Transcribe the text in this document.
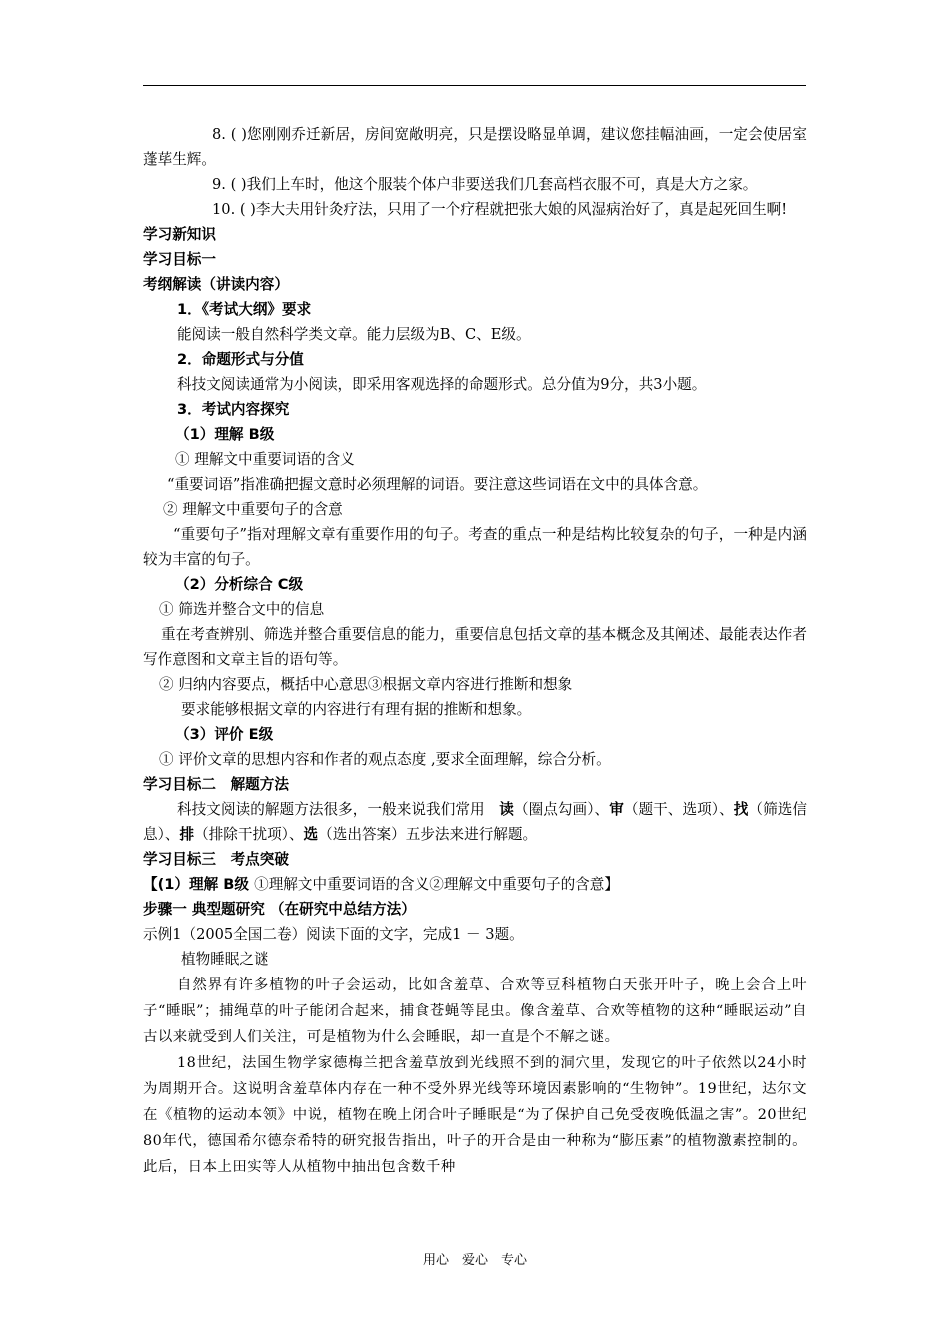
8. ( )您刚刚乔迁新居，房间宽敞明亮，只是摆设略显单调，建议您挂幅油画，一定会使居室蓬荜生辉。

9. ( )我们上车时，他这个服装个体户非要送我们几套高档衣服不可，真是大方之家。

10. ( )李大夫用针灸疗法，只用了一个疗程就把张大娘的风湿病治好了，真是起死回生啊!

学习新知识

学习目标一

考纲解读（讲读内容）

1．《考试大纲》要求

能阅读一般自然科学类文章。能力层级为B、C、E级。

2．命题形式与分值

科技文阅读通常为小阅读，即采用客观选择的命题形式。总分值为9分，共3小题。

3．考试内容探究

（1）理解 B级

① 理解文中重要词语的含义

“重要词语”指准确把握文意时必须理解的词语。要注意这些词语在文中的具体含意。

② 理解文中重要句子的含意

“重要句子”指对理解文章有重要作用的句子。考查的重点一种是结构比较复杂的句子，一种是内涵较为丰富的句子。

（2）分析综合 C级

① 筛选并整合文中的信息

重在考查辨别、筛选并整合重要信息的能力，重要信息包括文章的基本概念及其阐述、最能表达作者写作意图和文章主旨的语句等。

② 归纳内容要点，概括中心意思③根据文章内容进行推断和想象

要求能够根据文章的内容进行有理有据的推断和想象。

（3）评价 E级

① 评价文章的思想内容和作者的观点态度 ,要求全面理解，综合分析。

学习目标二　解题方法

科技文阅读的解题方法很多，一般来说我们常用　读（圈点勾画）、审（题干、选项）、找（筛选信息）、排（排除干扰项）、选（选出答案）五步法来进行解题。

学习目标三　考点突破

【(1）理解 B级 ①理解文中重要词语的含义②理解文中重要句子的含意】

步骤一 典型题研究 （在研究中总结方法）

示例1（2005全国二卷）阅读下面的文字，完成1 － 3题。

植物睡眠之谜

自然界有许多植物的叶子会运动，比如含羞草、合欢等豆科植物白天张开叶子，晚上会合上叶子“睡眠”；捕绳草的叶子能闭合起来，捕食苍蝇等昆虫。像含羞草、合欢等植物的这种“睡眠运动”自古以来就受到人们关注，可是植物为什么会睡眠，却一直是个不解之谜。

18世纪，法国生物学家德梅兰把含羞草放到光线照不到的洞穴里，发现它的叶子依然以24小时为周期开合。这说明含羞草体内存在一种不受外界光线等环境因素影响的“生物钟”。19世纪，达尔文在《植物的运动本领》中说，植物在晚上闭合叶子睡眠是“为了保护自己免受夜晚低温之害”。20世纪80年代，德国希尔德奈希特的研究报告指出，叶子的开合是由一种称为“膨压素”的植物激素控制的。此后，日本上田实等人从植物中抽出包含数千种

用心　爱心　专心
